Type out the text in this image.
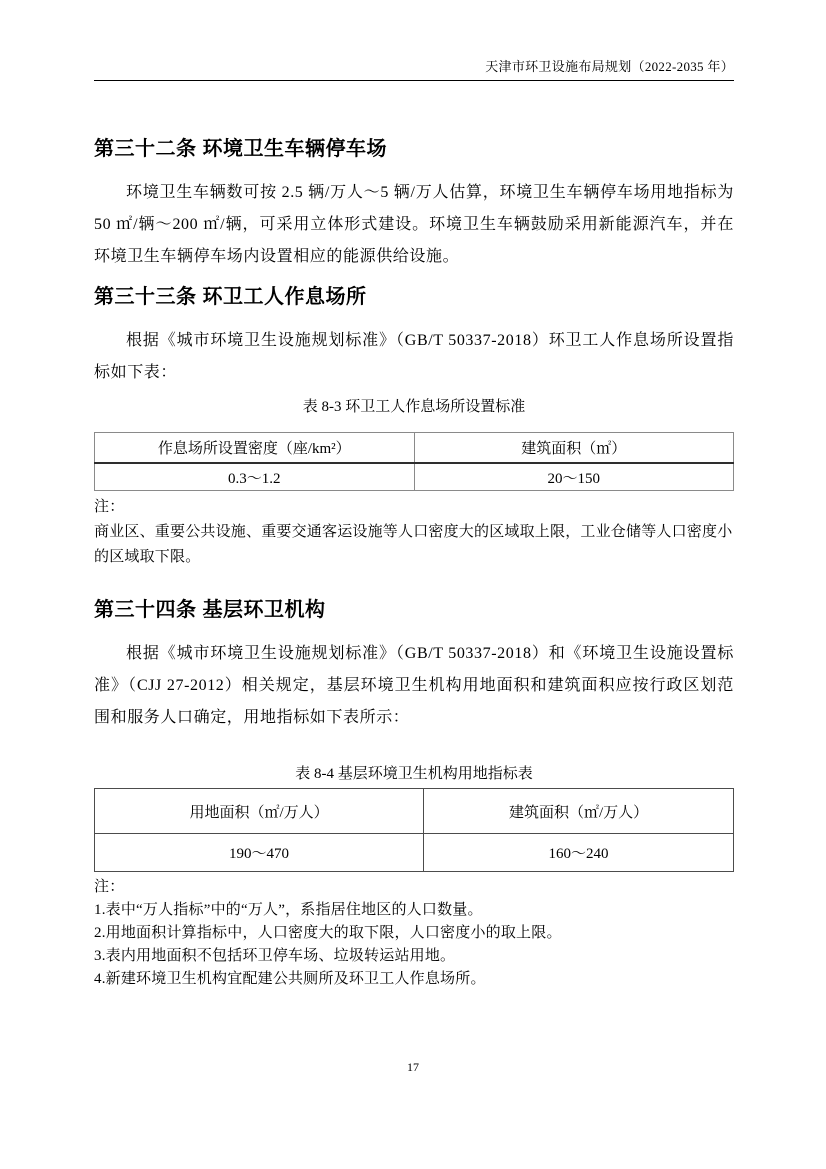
天津市环卫设施布局规划（2022-2035 年）
第三十二条 环境卫生车辆停车场

环境卫生车辆数可按 2.5 辆/万人～5 辆/万人估算，环境卫生车辆停车场用地指标为 50 ㎡/辆～200 ㎡/辆，可采用立体形式建设。环境卫生车辆鼓励采用新能源汽车，并在环境卫生车辆停车场内设置相应的能源供给设施。

第三十三条 环卫工人作息场所

根据《城市环境卫生设施规划标准》（GB/T 50337-2018）环卫工人作息场所设置指标如下表：

表 8-3 环卫工人作息场所设置标准
作息场所设置密度（座/km²）	建筑面积（㎡）
0.3～1.2	20～150
注：
商业区、重要公共设施、重要交通客运设施等人口密度大的区域取上限，工业仓储等人口密度小的区域取下限。
第三十四条 基层环卫机构

根据《城市环境卫生设施规划标准》（GB/T 50337-2018）和《环境卫生设施设置标准》（CJJ 27-2012）相关规定，基层环境卫生机构用地面积和建筑面积应按行政区划范围和服务人口确定，用地指标如下表所示：

表 8-4 基层环境卫生机构用地指标表
用地面积（㎡/万人）	建筑面积（㎡/万人）
190～470	160～240
注：
1.表中“万人指标”中的“万人”，系指居住地区的人口数量。
2.用地面积计算指标中，人口密度大的取下限，人口密度小的取上限。
3.表内用地面积不包括环卫停车场、垃圾转运站用地。
4.新建环境卫生机构宜配建公共厕所及环卫工人作息场所。
17
